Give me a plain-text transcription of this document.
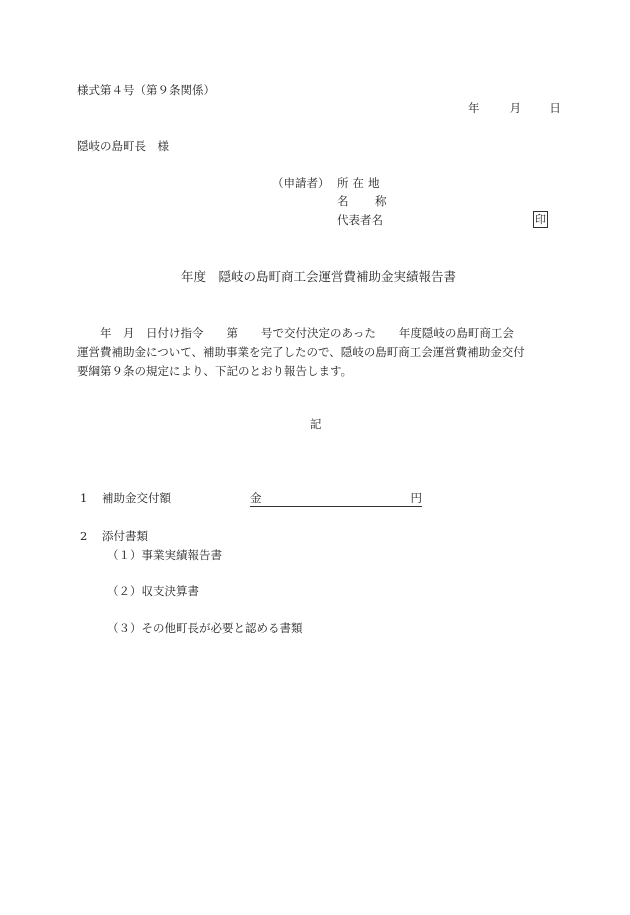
様式第４号（第９条関係）
年	月 日
隠岐の島町長　様
（申請者） 所在地
名 称
代表者名	印
年度　隠岐の島町商工会運営費補助金実績報告書
　　年　月　日付け指令　　第　　号で交付決定のあった　　年度隠岐の島町商工会
運営費補助金について、補助事業を完了したので、隠岐の島町商工会運営費補助金交付
要綱第９条の規定により、下記のとおり報告します。
記
1 補助金交付額	金	円
2 添付書類
（１）事業実績報告書
（２）収支決算書
（３）その他町長が必要と認める書類
